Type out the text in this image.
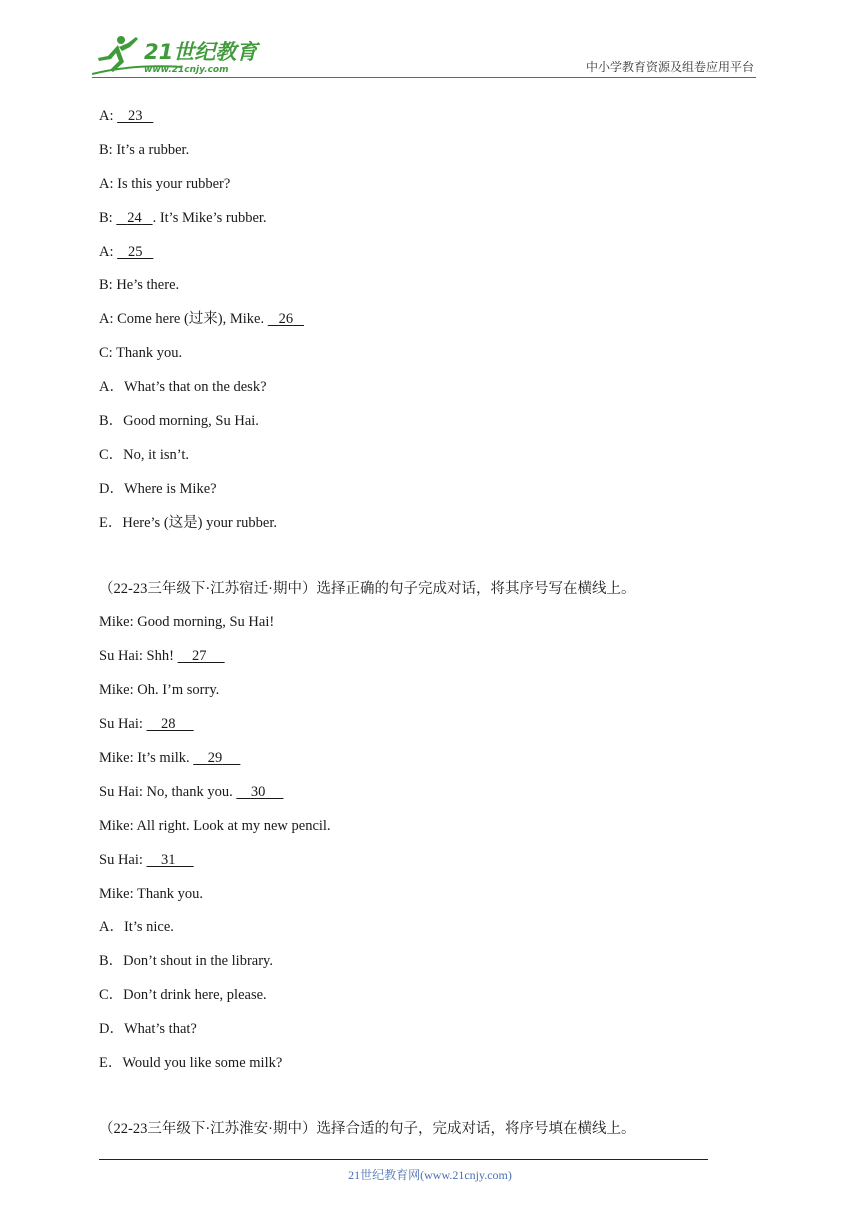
21世纪教育
www.21cnjy.com	中小学教育资源及组卷应用平台
A:    23
B: It’s a rubber.
A: Is this your rubber?
B:    24 . It’s Mike’s rubber.
A:    25
B: He’s there.
A: Come here (过来), Mike.    26
C: Thank you.
A．What’s that on the desk?
B．Good morning, Su Hai.
C．No, it isn’t.
D．Where is Mike?
E．Here’s (这是) your rubber.
（22-23三年级下·江苏宿迁·期中）选择正确的句子完成对话，将其序号写在横线上。
Mike: Good morning, Su Hai!
Su Hai: Shh!     27
Mike: Oh. I’m sorry.
Su Hai:     28
Mike: It’s milk.     29
Su Hai: No, thank you.     30
Mike: All right. Look at my new pencil.
Su Hai:     31
Mike: Thank you.
A．It’s nice.
B．Don’t shout in the library.
C．Don’t drink here, please.
D．What’s that?
E．Would you like some milk?
（22-23三年级下·江苏淮安·期中）选择合适的句子，完成对话，将序号填在横线上。
21世纪教育网(www.21cnjy.com)
